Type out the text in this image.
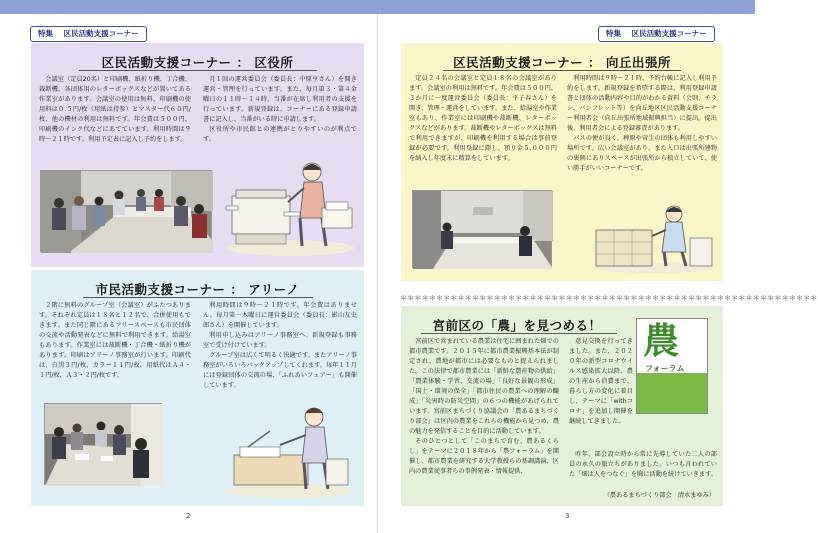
特集 区民活動支援コーナー
区民活動支援コーナー ： 区役所

会議室（定員20名）と印刷機、紙折り機、丁合機、裁断機、各団体用のレターボックスなどが置いてある作業室があります。会議室の使用は無料、印刷機の使用料は０.５円/枚（用紙は持参）とマスター代６０円/枚、他の機材の利用は無料です。年会費は５００円、印刷機のインク代などにあてています。利用時間は９時〜２１時です。利用予定表に記入し予約をします。

月１回の運営委員会（委員長：中原亨さん）を開き運営・管理を行っています。また、毎月第３・第４金曜日の１１時〜１４時、当番が在席し利用者の支援を行っています。新規登録は、コーナーにある登録申請書に記入し、当番がいる時に申請します。

区役所や市民館との連携がとりやすいのが利点です。

市民活動支援コーナー ： アリーノ

２階に無料のグループ室（会議室）がふたつあります。それぞれ定員は１８名と１２名で、合併使用もできます。また同じ階にあるフリースペースも市民団体の交流や活動発表などに無料で利用できます。給湯室もあります。作業室には裁断機・丁合機・紙折り機があります。印刷はアリーノ事務室が行います。印刷代は、白黒３円/枚、カラー１１円/枚。用紙代はＡ４・１円/枚、Ａ３・２円/枚です。

利用時間は９時〜２１時です。年会費はありません。毎月第一木曜日に運営委員会（委員長：影山友史郎さん）を開催しています。

利用申し込みはアリーノ事務室へ。新規登録も事務室で受け付けています。

グループ室は広くて明るく快適です。またアリーノ事務室がいろいろバックアップしてくれます。毎年１１月には登録団体の交流の場、「ふれあいフェアー」も開催しています。

2
特集 区民活動支援コーナー
区民活動支援コーナー ： 向丘出張所

定員２４名の会議室と定員１８名の会議室があります。会議室の利用は無料です。年会費は５００円、３か月に一度運営委員会（委員長：平子春さん）を開き、管理・運営をしています。また、給湯室や作業室もあり、作業室には印刷機や裁断機、レターボックスなどがあります。裁断機やレターボックスは無料で利用できますが、印刷機を利用する場合は事前登録が必要です。利用登録に際し、預り金５,０００円を納入し年度末に精算をしています。

利用時間は９時〜２１時、予約台帳に記入し利用予約をします。新規登録を希望する際は、利用登録申請書と団体の活動内容や目的がわかる資料（会則、チラシ、パンフレット等）を向丘地区区民活動支援コーナー利用者会（向丘出張所地域振興担当）に提出。提出後、利用者会による登録審査があります。

バスの便が良く、稗原や菅生の団体も利用しやすい場所です。広い会議室があり、また入口は出張所建物の裏側にありスペースが出張所から独立していて、使い勝手がいいコーナーです。

＊＊＊＊＊＊＊＊＊＊＊＊＊＊＊＊＊＊＊＊＊＊＊＊＊＊＊＊＊＊＊＊＊＊＊＊＊＊＊＊＊＊＊＊＊＊＊＊＊＊＊＊＊＊＊＊＊＊
宮前区の「農」を見つめる！

宮前区で営まれている農業は住宅に囲まれた畑での都市農業です。２０１５年に都市農業振興基本法が制定され、農地が都市には必要なものと捉えられました。この法律で都市農業には「新鮮な農産物の供給」「農業体験・学習、交流の場」「良好な景観の形成」「国土・環境の保全」「都市住民の農業への理解の醸成」「災害時の防災空間」の６つの機能があげられています。宮前区まちづくり協議会の「農あるまちづくり部会」は区内の農業をこれらの機能から見つめ、農の魅力を発信することを目的に活動しています。

そのひとつとして「このまちで育む、農あるくらし」をテーマに２０１８年から「農フォーラム」を開催し、都市農業を研究する大学教授らの基調講演、区内の農業従事者らの事例発表・情報提供、

意見交換を行ってきました。また、２０２０年の新型コロナウイルス感染拡大以降、農の生産から消費まで、暮らし方の変化に着目し、テーマに「withコロナ」を追加し開催を継続してきました。

昨年、部会設立時から常に先導していた二人の部員の永久の旅立ちがありました。いつも言われていた「畑は人をつなぐ」を胸に活動を続けていきます。

（農あるまちづくり部会　清水まゆみ）
農
フォーラム
3
